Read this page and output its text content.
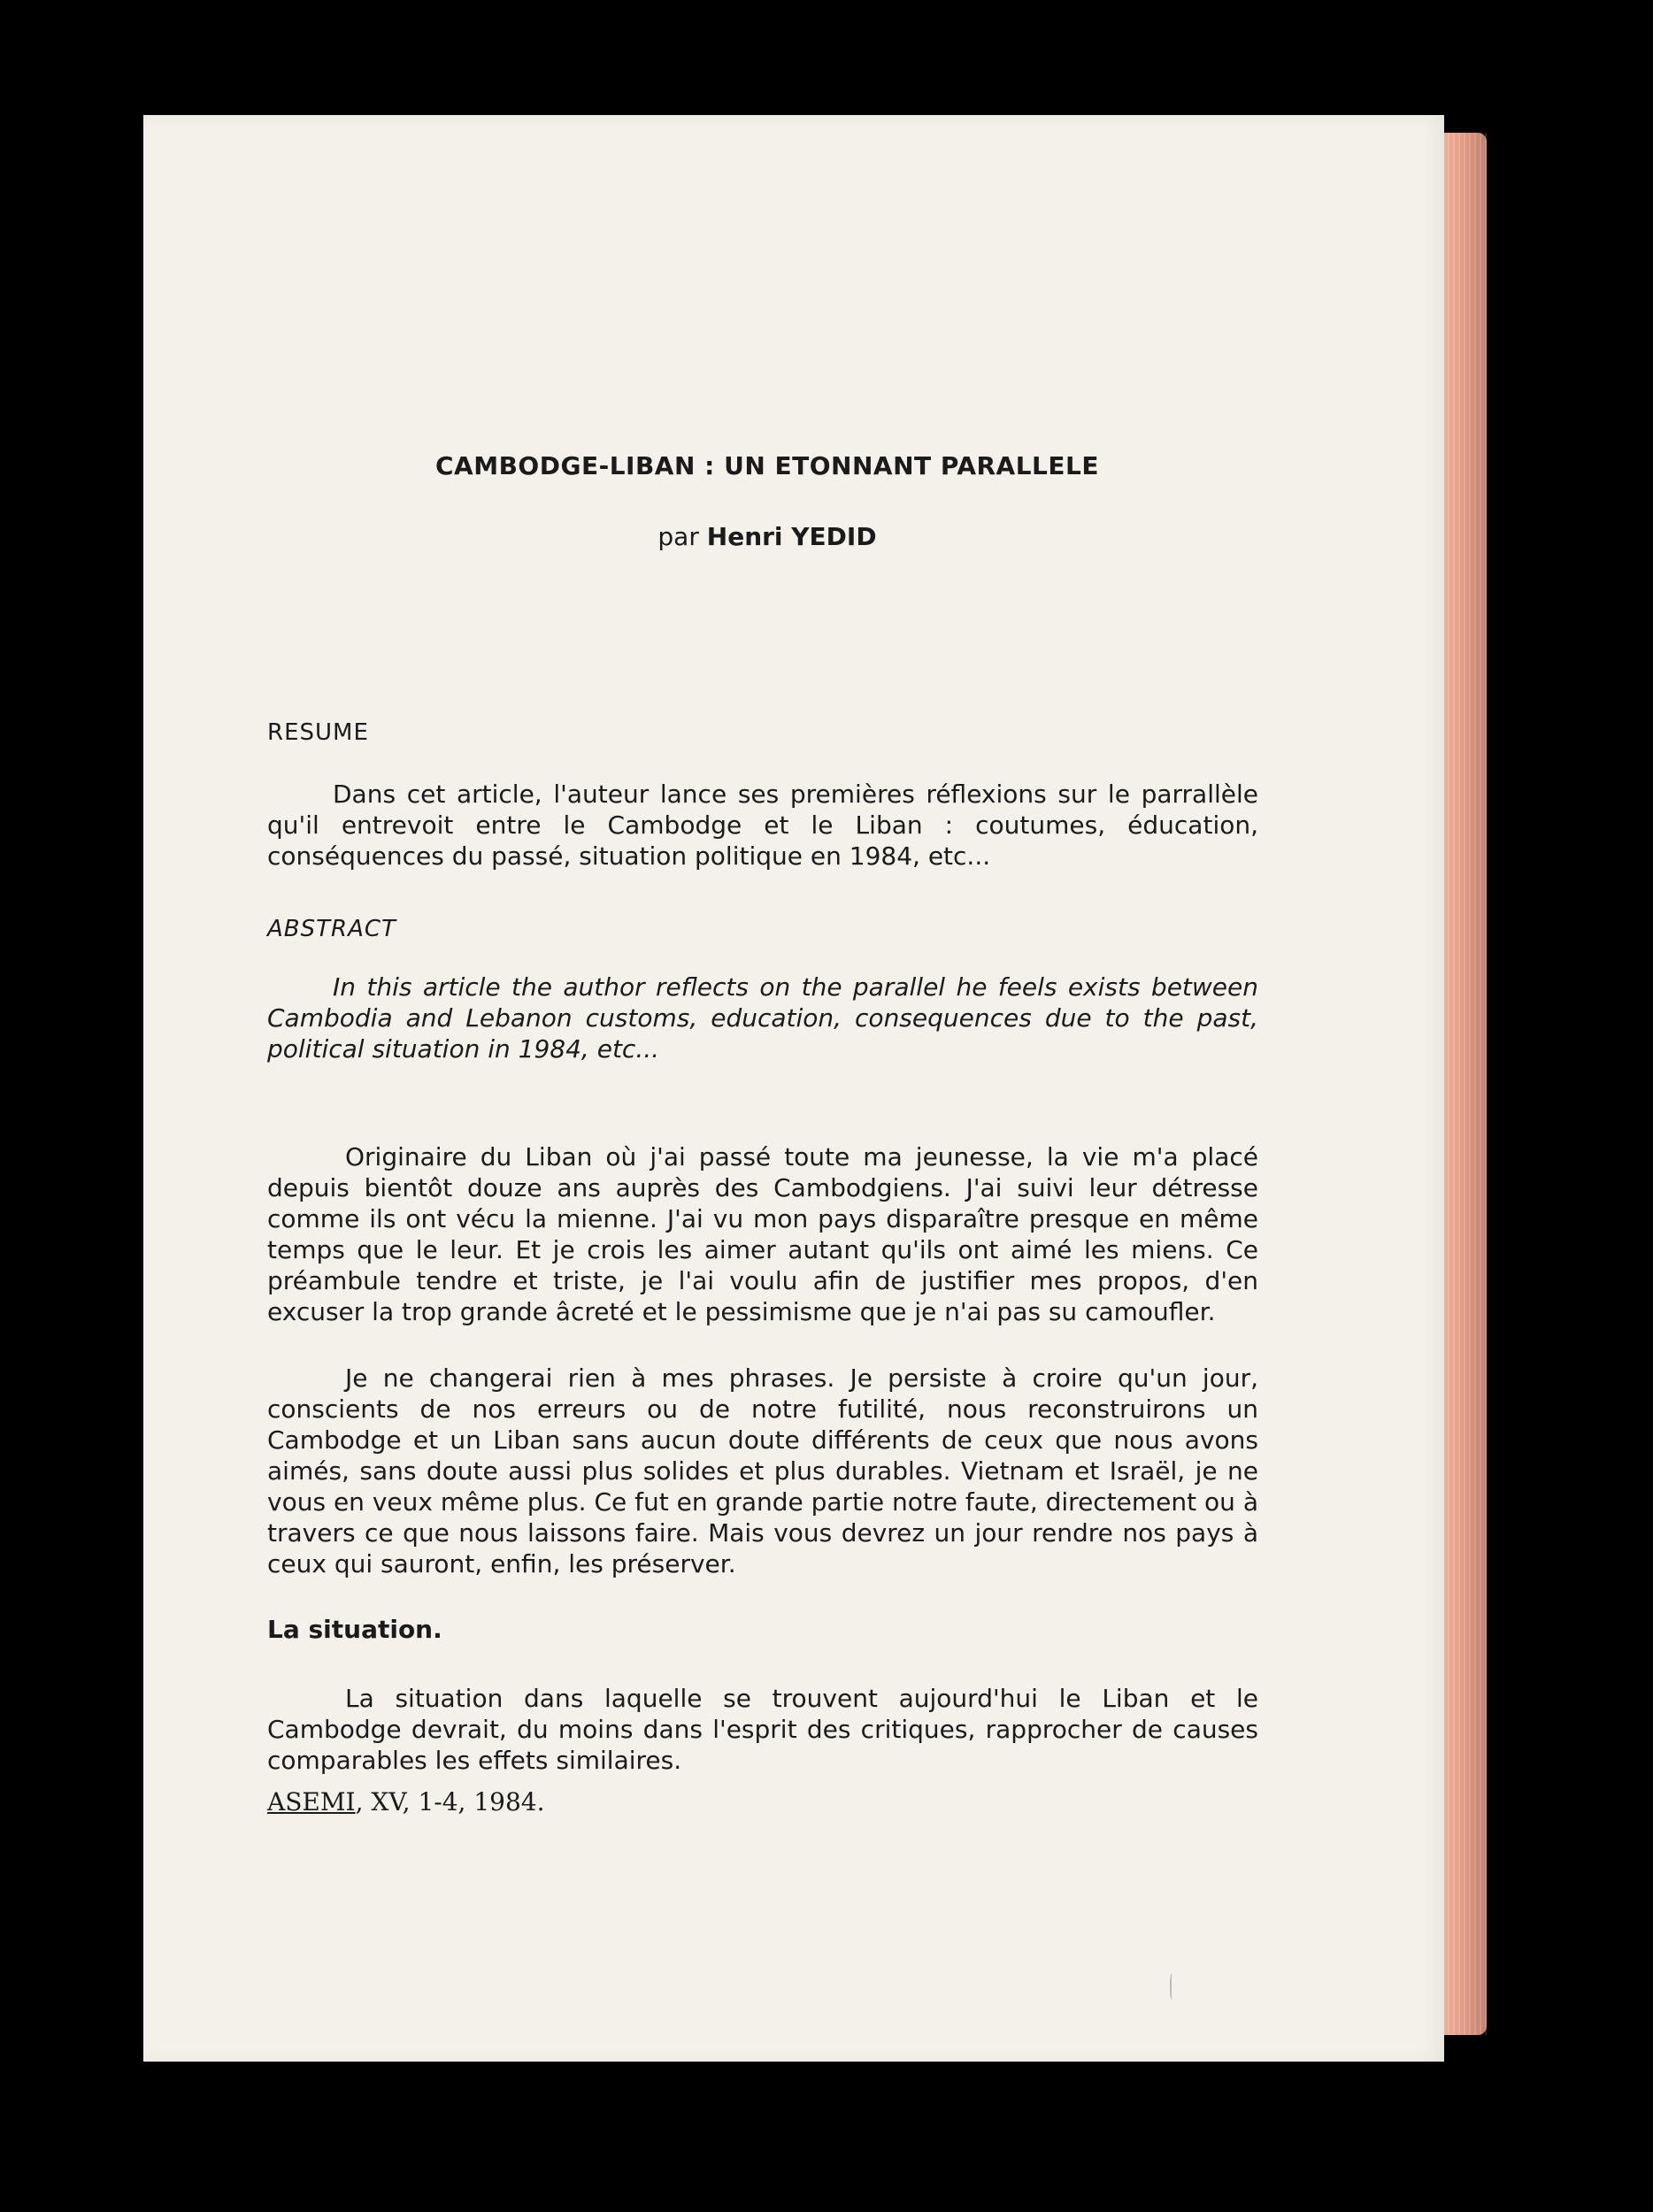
CAMBODGE-LIBAN : UN ETONNANT PARALLELE
par Henri YEDID
RESUME
Dans cet article, l'auteur lance ses premières réflexions sur le parrallèle qu'il entrevoit entre le Cambodge et le Liban : coutumes, éducation, conséquences du passé, situation politique en 1984, etc...
ABSTRACT
In this article the author reflects on the parallel he feels exists between Cambodia and Lebanon customs, education, consequences due to the past, political situation in 1984, etc...
Originaire du Liban où j'ai passé toute ma jeunesse, la vie m'a placé depuis bientôt douze ans auprès des Cambodgiens. J'ai suivi leur détresse comme ils ont vécu la mienne. J'ai vu mon pays disparaître presque en même temps que le leur. Et je crois les aimer autant qu'ils ont aimé les miens. Ce préambule tendre et triste, je l'ai voulu afin de justifier mes propos, d'en excuser la trop grande âcreté et le pessimisme que je n'ai pas su camoufler.
Je ne changerai rien à mes phrases. Je persiste à croire qu'un jour, conscients de nos erreurs ou de notre futilité, nous reconstruirons un Cambodge et un Liban sans aucun doute différents de ceux que nous avons aimés, sans doute aussi plus solides et plus durables. Vietnam et Israël, je ne vous en veux même plus. Ce fut en grande partie notre faute, directement ou à travers ce que nous laissons faire. Mais vous devrez un jour rendre nos pays à ceux qui sauront, enfin, les préserver.
La situation.
La situation dans laquelle se trouvent aujourd'hui le Liban et le Cambodge devrait, du moins dans l'esprit des critiques, rapprocher de causes comparables les effets similaires.
ASEMI, XV, 1-4, 1984.
